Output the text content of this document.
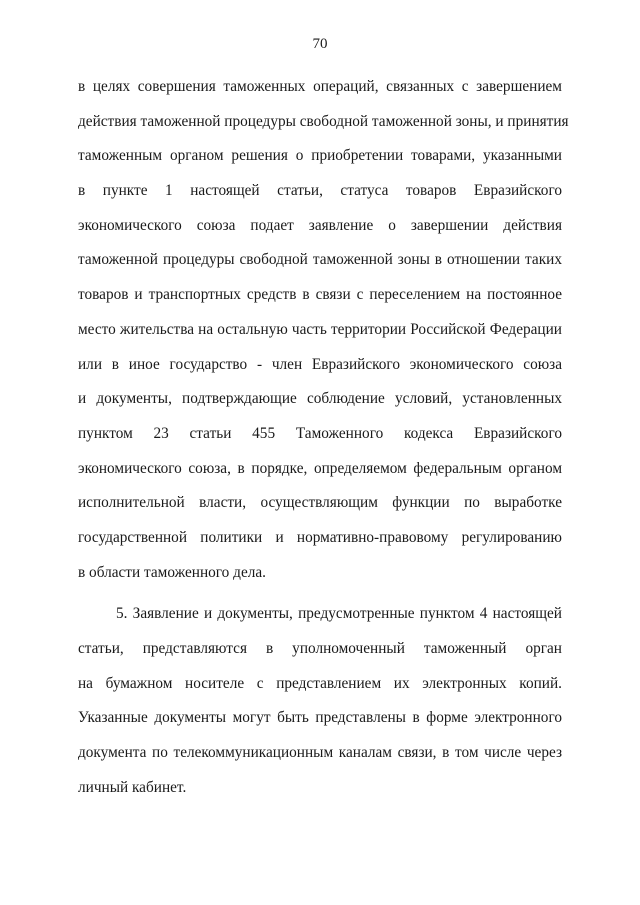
70
в целях совершения таможенных операций, связанных с завершением
действия таможенной процедуры свободной таможенной зоны, и принятия
таможенным органом решения о приобретении товарами, указанными
в пункте 1 настоящей статьи, статуса товаров Евразийского
экономического союза подает заявление о завершении действия
таможенной процедуры свободной таможенной зоны в отношении таких
товаров и транспортных средств в связи с переселением на постоянное
место жительства на остальную часть территории Российской Федерации
или в иное государство - член Евразийского экономического союза
и документы, подтверждающие соблюдение условий, установленных
пунктом 23 статьи 455 Таможенного кодекса Евразийского
экономического союза, в порядке, определяемом федеральным органом
исполнительной власти, осуществляющим функции по выработке
государственной политики и нормативно-правовому регулированию
в области таможенного дела.
5. Заявление и документы, предусмотренные пунктом 4 настоящей
статьи, представляются в уполномоченный таможенный орган
на бумажном носителе с представлением их электронных копий.
Указанные документы могут быть представлены в форме электронного
документа по телекоммуникационным каналам связи, в том числе через
личный кабинет.
